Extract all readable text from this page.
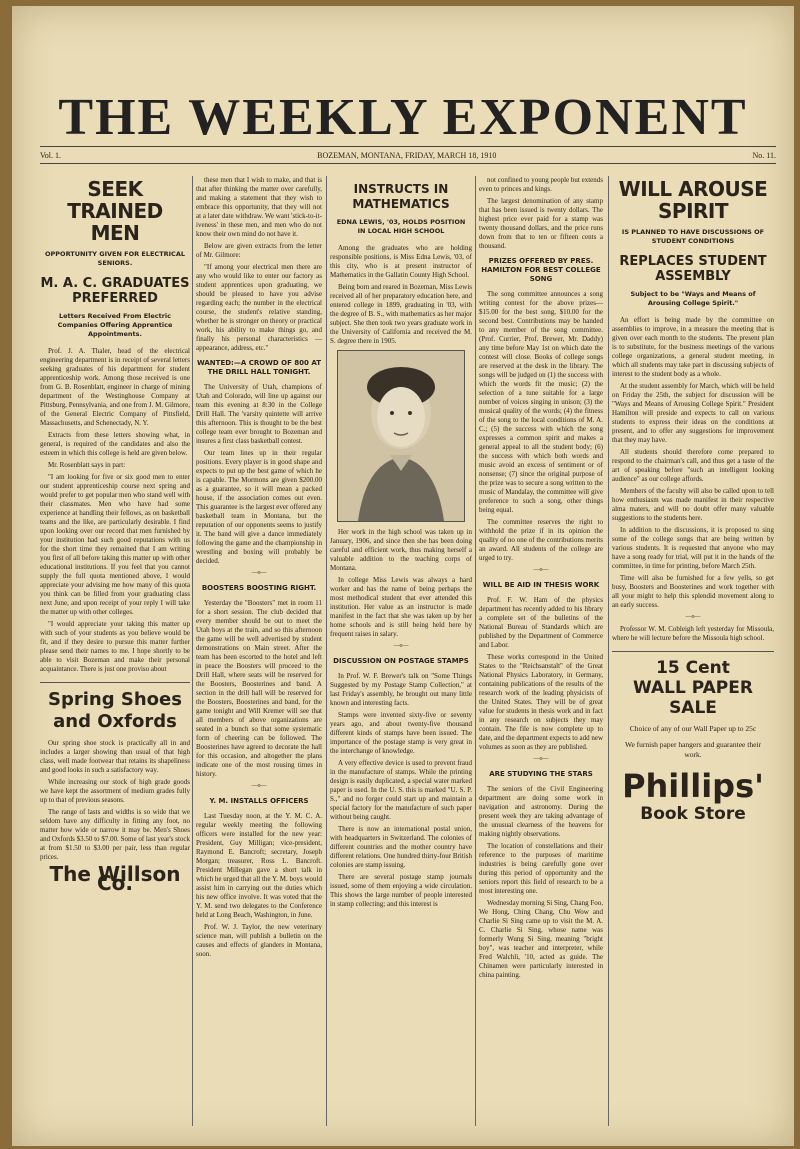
THE WEEKLY EXPONENT
Vol. 1.	BOZEMAN, MONTANA, FRIDAY, MARCH 18, 1910	No. 11.
SEEK TRAINED MEN
OPPORTUNITY GIVEN FOR ELECTRICAL SENIORS.
M. A. C. GRADUATES PREFERRED
Letters Received From Electric Companies Offering Apprentice Appointments.

Prof. J. A. Thaler, head of the electrical engineering department is in receipt of several letters seeking graduates of his department for student apprenticeship work. Among those received is one from G. B. Rosenblatt, engineer in charge of mining department of the Westinghouse Company at Pittsburg, Pennsylvania, and one from J. M. Gilmore, of the General Electric Company of Pittsfield, Massachusetts, and Schenectady, N. Y.

Extracts from these letters showing what, in general, is required of the candidates and also the esteem in which this college is held are given below.

Mr. Rosenblatt says in part:

"I am looking for five or six good men to enter our student apprenticeship course next spring and would prefer to get popular men who stand well with their classmates. Men who have had some experience at handling their fellows, as on basketball teams and the like, are particularly desirable. I find upon looking over our record that men furnished by your institution had such good reputations with us for the short time they remained that I am writing you first of all before taking this matter up with other educational institutions. If you feel that you cannot supply the full quota mentioned above, I would appreciate your advising me how many of this quota you think can be filled from your graduating class next June, and upon receipt of your reply I will take the matter up with other colleges.

"I would appreciate your taking this matter up with such of your students as you believe would be fit, and if they desire to pursue this matter further please send their names to me. I hope shortly to be able to visit Bozeman and make their personal acquaintance. There is just one proviso about

Spring Shoes
and Oxfords

Our spring shoe stock is practically all in and includes a larger showing than usual of that high class, well made footwear that retains its shapeliness and good looks in such a satisfactory way.

While increasing our stock of high grade goods we have kept the assortment of medium grades fully up to that of previous seasons.

The range of lasts and widths is so wide that we seldom have any difficulty in fitting any foot, no matter how wide or narrow it may be. Men's Shoes and Oxfords $3.50 to $7.00. Some of last year's stock at from $1.50 to $3.00 per pair, less than regular prices.

The Willson Co.

these men that I wish to make, and that is that after thinking the matter over carefully, and making a statement that they wish to embrace this opportunity, that they will not at a later date withdraw. We want 'stick-to-it-iveness' in these men, and men who do not know their own mind do not have it.

Below are given extracts from the letter of Mr. Gilmore:

"If among your electrical men there are any who would like to enter our factory as student apprentices upon graduating, we should be pleased to have you advise regarding each; the number in the electrical course, the student's relative standing, whether he is stronger on theory or practical work, his ability to make things go, and finally his personal characteristics —appearance, address, etc."

WANTED:—A CROWD OF 800 AT THE DRILL HALL TONIGHT.

The University of Utah, champions of Utah and Colorado, will line up against our team this evening at 8:30 in the College Drill Hall. The 'varsity quintette will arrive this afternoon. This is thought to be the best college team ever brought to Bozeman and insures a first class basketball contest.

Our team lines up in their regular positions. Every player is in good shape and expects to put up the best game of which he is capable. The Mormons are given $200.00 as a guarantee, so it will mean a packed house, if the association comes out even. This guarantee is the largest ever offered any basketball team in Montana, but the reputation of our opponents seems to justify it. The band will give a dance immediately following the game and the championship in wrestling and boxing will probably be decided.

—o—
BOOSTERS BOOSTING RIGHT.

Yesterday the "Boosters" met in room 11 for a short session. The club decided that every member should be out to meet the Utah boys at the train, and so this afternoon the game will be well advertised by student demonstrations on Main street. After the team has been escorted to the hotel and left in peace the Boosters will proceed to the Drill Hall, where seats will be reserved for the Boosters, Boosterines and band. A section in the drill hall will be reserved for the Boosters, Boosterines and band, for the game tonight and Will Kremer will see that all members of above organizations are seated in a bunch so that some systematic form of cheering can be followed. The Boosterines have agreed to decorate the hall for this occasion, and altogether the plans indicate one of the most rousing times in history.

—o—
Y. M. INSTALLS OFFICERS

Last Tuesday noon, at the Y. M. C. A. regular weekly meeting the following officers were installed for the new year: President, Guy Milligan; vice-president, Raymond E. Bancroft; secretary, Joseph Morgan; treasurer, Ross L. Bancroft. President Millegan gave a short talk in which he urged that all the Y. M. boys would assist him in carrying out the duties which his new office involve. It was voted that the Y. M. send two delegates to the Conference held at Long Beach, Washington, in June.

Prof. W. J. Taylor, the new veterinary science man, will publish a bulletin on the causes and effects of glanders in Montana, soon.

INSTRUCTS IN MATHEMATICS
EDNA LEWIS, '03, HOLDS POSITION IN LOCAL HIGH SCHOOL

Among the graduates who are holding responsible positions, is Miss Edna Lewis, '03, of this city, who is at present instructor of Mathematics in the Gallatin County High School.

Being born and reared in Bozeman, Miss Lewis received all of her preparatory education here, and entered college in 1899, graduating in '03, with the degree of B. S., with mathematics as her major subject. She then took two years graduate work in the University of California and received the M. S. degree there in 1905.

Her work in the high school was taken up in January, 1906, and since then she has been doing careful and efficient work, thus making herself a valuable addition to the teaching corps of Montana.

In college Miss Lewis was always a hard worker and has the name of being perhaps the most methodical student that ever attended this institution. Her value as an instructor is made manifest in the fact that she was taken up by her home schools and is still being held here by frequent raises in salary.

—o—
DISCUSSION ON POSTAGE STAMPS

In Prof. W. F. Brewer's talk on "Some Things Suggested by my Postage Stamp Collection," at last Friday's assembly, he brought out many little known and interesting facts.

Stamps were invented sixty-five or seventy years ago, and about twenty-five thousand different kinds of stamps have been issued. The importance of the postage stamp is very great in the interchange of knowledge.

A very effective device is used to prevent fraud in the manufacture of stamps. While the printing design is easily duplicated, a special water marked paper is used. In the U. S. this is marked "U. S. P. S.," and no forger could start up and maintain a special factory for the manufacture of such paper without being caught.

There is now an international postal union, with headquarters in Switzerland. The colonies of different countries and the mother country have different relations. One hundred thirty-four British colonies are stamp issuing.

There are several postage stamp journals issued, some of them enjoying a wide circulation. This shows the large number of people interested in stamp collecting; and this interest is

not confined to young people but extends even to princes and kings.

The largest denomination of any stamp that has been issued is twenty dollars. The highest price ever paid for a stamp was twenty thousand dollars, and the price runs down from that to ten or fifteen cents a thousand.

PRIZES OFFERED BY PRES. HAMILTON FOR BEST COLLEGE SONG

The song committee announces a song writing contest for the above prizes—$15.00 for the best song, $10.00 for the second best. Contributions may be handed to any member of the song committee. (Prof. Currier, Prof. Brewer, Mr. Daddy) any time before May 1st on which date the contest will close. Books of college songs are reserved at the desk in the library. The songs will be judged on (1) the success with which the words fit the music; (2) the selection of a tune suitable for a large number of voices singing in unison; (3) the musical quality of the words; (4) the fitness of the song to the local conditions of M. A. C.; (5) the success with which the song expresses a common spirit and makes a general appeal to all the student body; (6) the success with which both words and music avoid an excess of sentiment or of nonsense; (7) since the original purpose of the prize was to secure a song written to the music of Mandalay, the committee will give preference to such a song, other things being equal.

The committee reserves the right to withhold the prize if in its opinion the quality of no one of the contributions merits an award. All students of the college are urged to try.

—o—
WILL BE AID IN THESIS WORK

Prof. F. W. Ham of the physics department has recently added to his library a complete set of the bulletins of the National Bureau of Standards which are published by the Department of Commerce and Labor.

These works correspond in the United States to the "Reichsanstalt" of the Great National Physics Laboratory, in Germany, containing publications of the results of the research work of the leading physicists of the United States. They will be of great value for students in thesis work and in fact in any research on subjects they may contain. The file is now complete up to date, and the department expects to add new volumes as soon as they are published.

—o—
ARE STUDYING THE STARS

The seniors of the Civil Engineering department are doing some work in navigation and astronomy. During the present week they are taking advantage of the unusual clearness of the heavens for making nightly observations.

The location of constellations and their reference to the purposes of maritime industries is being carefully gone over during this period of opportunity and the seniors report this field of research to be a most interesting one.

Wednesday morning Si Sing, Chang Foo, We Hong, Ching Chang, Chu Wow and Charlie Si Sing came up to visit the M. A. C. Charlie Si Sing, whose name was formerly Wung Si Sing, meaning "bright boy", was teacher and interpreter, while Fred Walchli, '10, acted as guide. The Chinamen were particularly interested in china painting.

WILL AROUSE SPIRIT
IS PLANNED TO HAVE DISCUSSIONS OF STUDENT CONDITIONS
REPLACES STUDENT ASSEMBLY
Subject to be "Ways and Means of Arousing College Spirit."

An effort is being made by the committee on assemblies to improve, in a measure the meeting that is given over each month to the students. The present plan is to substitute, for the business meetings of the various college organizations, a general student meeting, in which all students may take part in discussing subjects of interest to the student body as a whole.

At the student assembly for March, which will be held on Friday the 25th, the subject for discussion will be "Ways and Means of Arousing College Spirit." President Hamilton will preside and expects to call on various students to express their ideas on the conditions at present, and to offer any suggestions for improvement that they may have.

All students should therefore come prepared to respond to the chairman's call, and thus get a taste of the art of speaking before "such an intelligent looking audience" as our college affords.

Members of the faculty will also be called upon to tell how enthusiasm was made manifest in their respective alma maters, and will no doubt offer many valuable suggestions to the students here.

In addition to the discussions, it is proposed to sing some of the college songs that are being written by various students. It is requested that anyone who may have a song ready for trial, will put it in the hands of the committee, in time for printing, before March 25th.

Time will also be furnished for a few yells, so get busy, Boosters and Boosterines and work together with all your might to help this splendid movement along to an early success.

—o—

Professor W. M. Cobleigh left yesterday for Missoula, where he will lecture before the Missoula high school.

15 Cent
WALL PAPER
SALE
Choice of any of our Wall Paper up to 25c
We furnish paper hangers and guarantee their work.
Phillips'
Book Store
